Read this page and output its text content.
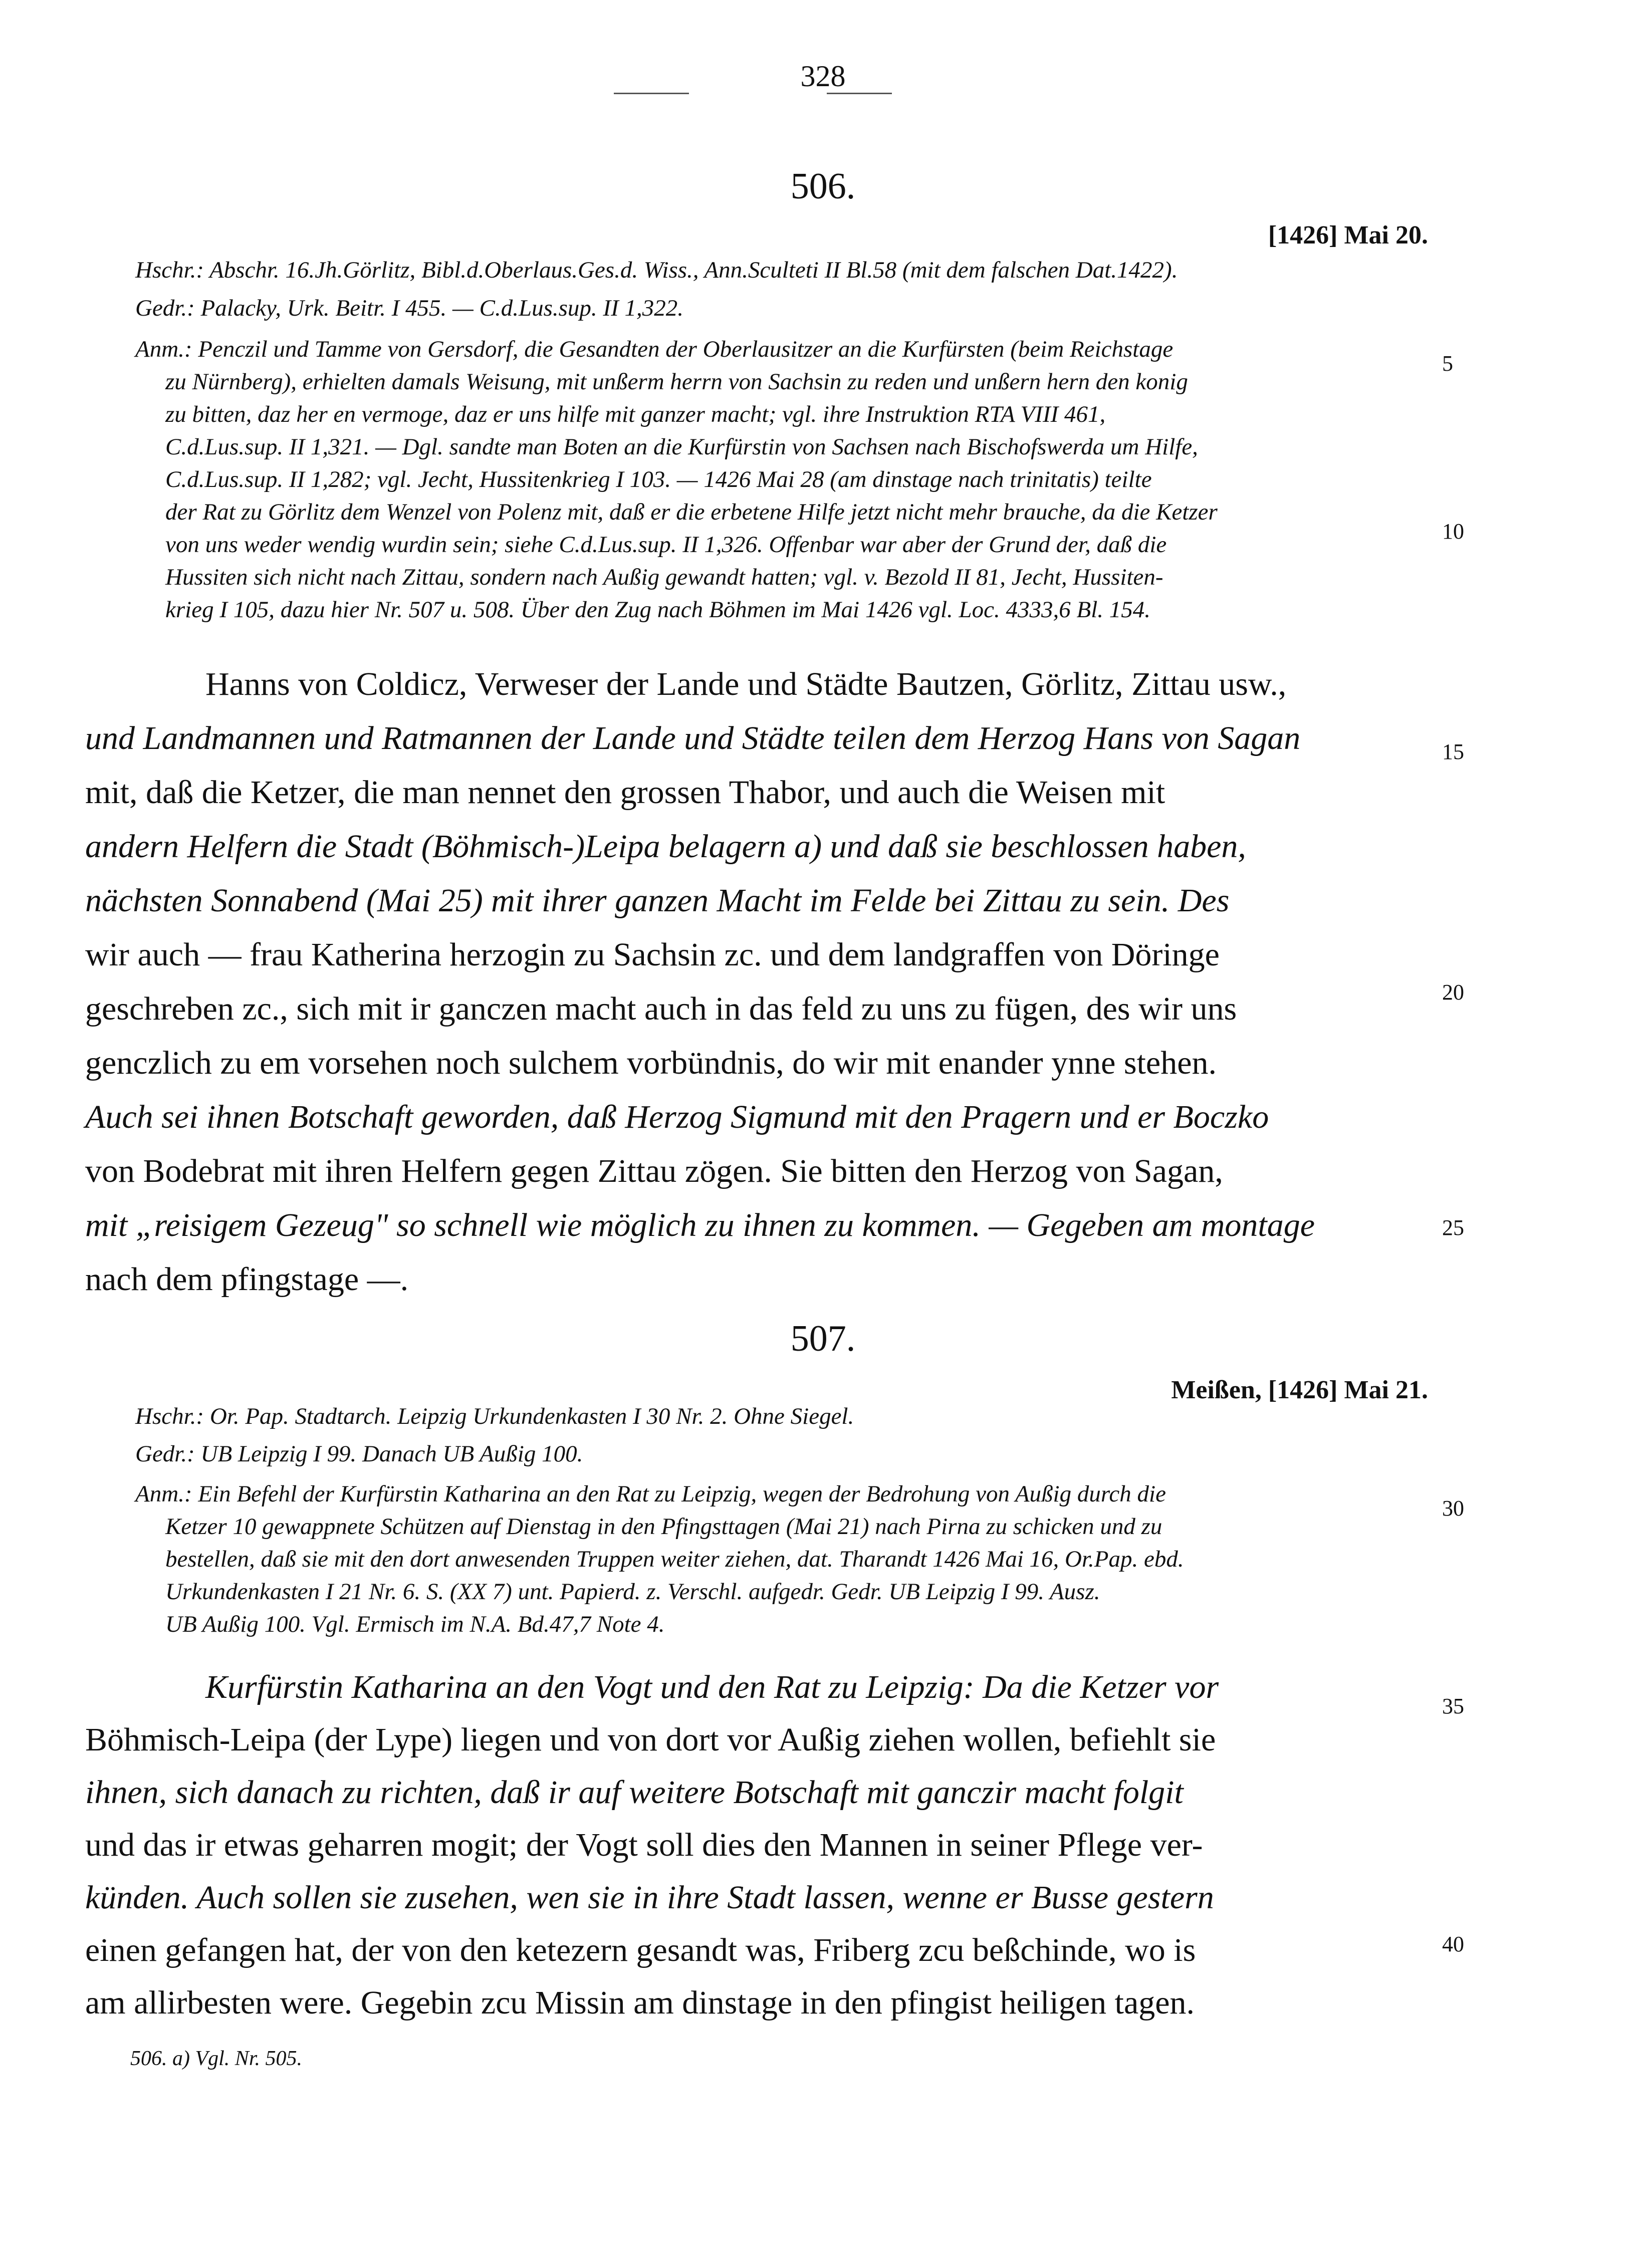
328
506.
[1426] Mai 20.
Hschr.: Abschr. 16.Jh.Görlitz, Bibl.d.Oberlaus.Ges.d. Wiss., Ann.Sculteti II Bl.58 (mit dem falschen Dat.1422).
Gedr.: Palacky, Urk. Beitr. I 455. — C.d.Lus.sup. II 1,322.
Anm.: Penczil und Tamme von Gersdorf, die Gesandten der Oberlausitzer an die Kurfürsten (beim Reichstage
zu Nürnberg), erhielten damals Weisung, mit unßerm herrn von Sachsin zu reden und unßern hern den konig
zu bitten, daz her en vermoge, daz er uns hilfe mit ganzer macht; vgl. ihre Instruktion RTA VIII 461,
C.d.Lus.sup. II 1,321. — Dgl. sandte man Boten an die Kurfürstin von Sachsen nach Bischofswerda um Hilfe,
C.d.Lus.sup. II 1,282; vgl. Jecht, Hussitenkrieg I 103. — 1426 Mai 28 (am dinstage nach trinitatis) teilte
der Rat zu Görlitz dem Wenzel von Polenz mit, daß er die erbetene Hilfe jetzt nicht mehr brauche, da die Ketzer
von uns weder wendig wurdin sein; siehe C.d.Lus.sup. II 1,326. Offenbar war aber der Grund der, daß die
Hussiten sich nicht nach Zittau, sondern nach Außig gewandt hatten; vgl. v. Bezold II 81, Jecht, Hussiten-
krieg I 105, dazu hier Nr. 507 u. 508. Über den Zug nach Böhmen im Mai 1426 vgl. Loc. 4333,6 Bl. 154.
Hanns von Coldicz, Verweser der Lande und Städte Bautzen, Görlitz, Zittau usw.,
und Landmannen und Ratmannen der Lande und Städte teilen dem Herzog Hans von Sagan
mit, daß die Ketzer, die man nennet den grossen Thabor, und auch die Weisen mit
andern Helfern die Stadt (Böhmisch-)Leipa belagern a) und daß sie beschlossen haben,
nächsten Sonnabend (Mai 25) mit ihrer ganzen Macht im Felde bei Zittau zu sein. Des
wir auch — frau Katherina herzogin zu Sachsin zc. und dem landgraffen von Döringe
geschreben zc., sich mit ir ganczen macht auch in das feld zu uns zu fügen, des wir uns
genczlich zu em vorsehen noch sulchem vorbündnis, do wir mit enander ynne stehen.
Auch sei ihnen Botschaft geworden, daß Herzog Sigmund mit den Pragern und er Boczko
von Bodebrat mit ihren Helfern gegen Zittau zögen. Sie bitten den Herzog von Sagan,
mit „reisigem Gezeug" so schnell wie möglich zu ihnen zu kommen. — Gegeben am montage
nach dem pfingstage —.
507.
Meißen, [1426] Mai 21.
Hschr.: Or. Pap. Stadtarch. Leipzig Urkundenkasten I 30 Nr. 2. Ohne Siegel.
Gedr.: UB Leipzig I 99. Danach UB Außig 100.
Anm.: Ein Befehl der Kurfürstin Katharina an den Rat zu Leipzig, wegen der Bedrohung von Außig durch die
Ketzer 10 gewappnete Schützen auf Dienstag in den Pfingsttagen (Mai 21) nach Pirna zu schicken und zu
bestellen, daß sie mit den dort anwesenden Truppen weiter ziehen, dat. Tharandt 1426 Mai 16, Or.Pap. ebd.
Urkundenkasten I 21 Nr. 6. S. (XX 7) unt. Papierd. z. Verschl. aufgedr. Gedr. UB Leipzig I 99. Ausz.
UB Außig 100. Vgl. Ermisch im N.A. Bd.47,7 Note 4.
Kurfürstin Katharina an den Vogt und den Rat zu Leipzig: Da die Ketzer vor
Böhmisch-Leipa (der Lype) liegen und von dort vor Außig ziehen wollen, befiehlt sie
ihnen, sich danach zu richten, daß ir auf weitere Botschaft mit ganczir macht folgit
und das ir etwas geharren mogit; der Vogt soll dies den Mannen in seiner Pflege ver-
künden. Auch sollen sie zusehen, wen sie in ihre Stadt lassen, wenne er Busse gestern
einen gefangen hat, der von den ketezern gesandt was, Friberg zcu beßchinde, wo is
am allirbesten were. Gegebin zcu Missin am dinstage in den pfingist heiligen tagen.
5
10
15
20
25
30
35
40
506. a) Vgl. Nr. 505.
